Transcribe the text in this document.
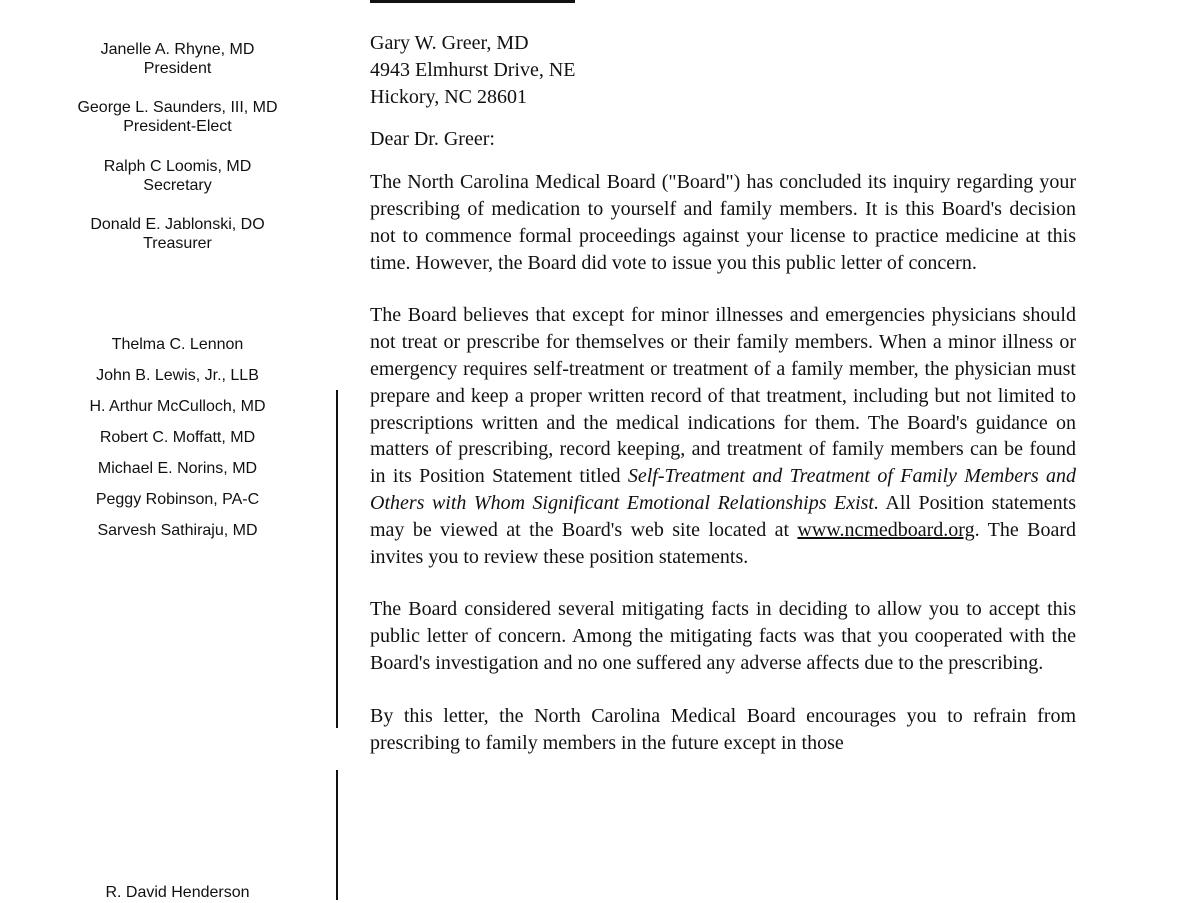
Janelle A. Rhyne, MD
President
George L. Saunders, III, MD
President-Elect
Ralph C Loomis, MD
Secretary
Donald E. Jablonski, DO
Treasurer
Thelma C. Lennon
John B. Lewis, Jr., LLB
H. Arthur McCulloch, MD
Robert C. Moffatt, MD
Michael E. Norins, MD
Peggy Robinson, PA-C
Sarvesh Sathiraju, MD
R. David Henderson
Gary W. Greer, MD
4943 Elmhurst Drive, NE
Hickory, NC 28601
Dear Dr. Greer:
The North Carolina Medical Board ("Board") has concluded its inquiry regarding your prescribing of medication to yourself and family members. It is this Board's decision not to commence formal proceedings against your license to practice medicine at this time. However, the Board did vote to issue you this public letter of concern.
The Board believes that except for minor illnesses and emergencies physicians should not treat or prescribe for themselves or their family members. When a minor illness or emergency requires self-treatment or treatment of a family member, the physician must prepare and keep a proper written record of that treatment, including but not limited to prescriptions written and the medical indications for them. The Board's guidance on matters of prescribing, record keeping, and treatment of family members can be found in its Position Statement titled Self-Treatment and Treatment of Family Members and Others with Whom Significant Emotional Relationships Exist. All Position statements may be viewed at the Board's web site located at www.ncmedboard.org. The Board invites you to review these position statements.
The Board considered several mitigating facts in deciding to allow you to accept this public letter of concern. Among the mitigating facts was that you cooperated with the Board's investigation and no one suffered any adverse affects due to the prescribing.
By this letter, the North Carolina Medical Board encourages you to refrain from prescribing to family members in the future except in those
